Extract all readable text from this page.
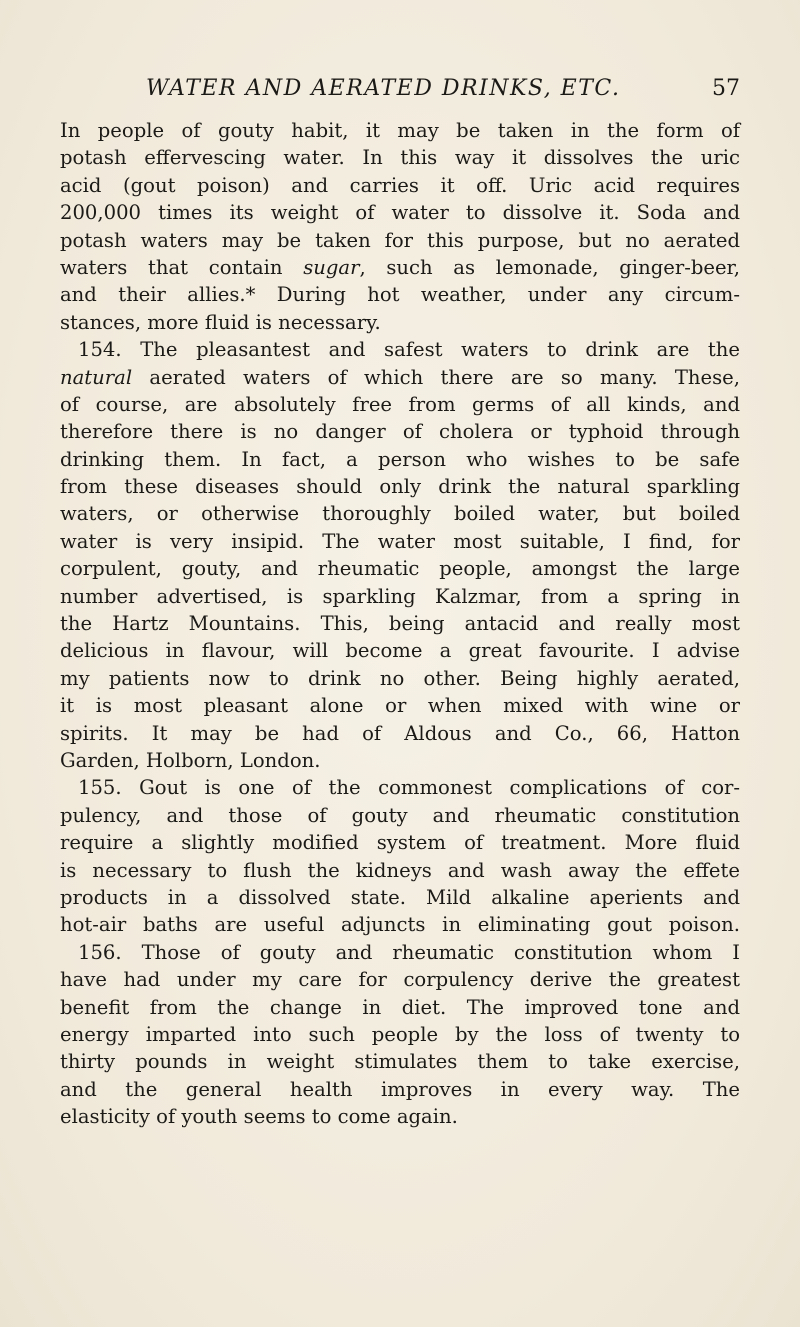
WATER AND AERATED DRINKS, ETC.	57
In people of gouty habit, it may be taken in the form of
potash effervescing water. In this way it dissolves the uric
acid (gout poison) and carries it off. Uric acid requires
200,000 times its weight of water to dissolve it. Soda and
potash waters may be taken for this purpose, but no aerated
waters that contain sugar, such as lemonade, ginger-beer,
and their allies.* During hot weather, under any circum-
stances, more fluid is necessary.
154. The pleasantest and safest waters to drink are the
natural aerated waters of which there are so many. These,
of course, are absolutely free from germs of all kinds, and
therefore there is no danger of cholera or typhoid through
drinking them. In fact, a person who wishes to be safe
from these diseases should only drink the natural sparkling
waters, or otherwise thoroughly boiled water, but boiled
water is very insipid. The water most suitable, I find, for
corpulent, gouty, and rheumatic people, amongst the large
number advertised, is sparkling Kalzmar, from a spring in
the Hartz Mountains. This, being antacid and really most
delicious in flavour, will become a great favourite. I advise
my patients now to drink no other. Being highly aerated,
it is most pleasant alone or when mixed with wine or
spirits. It may be had of Aldous and Co., 66, Hatton
Garden, Holborn, London.
155. Gout is one of the commonest complications of cor-
pulency, and those of gouty and rheumatic constitution
require a slightly modified system of treatment. More fluid
is necessary to flush the kidneys and wash away the effete
products in a dissolved state. Mild alkaline aperients and
hot-air baths are useful adjuncts in eliminating gout poison.
156. Those of gouty and rheumatic constitution whom I
have had under my care for corpulency derive the greatest
benefit from the change in diet. The improved tone and
energy imparted into such people by the loss of twenty to
thirty pounds in weight stimulates them to take exercise,
and the general health improves in every way. The
elasticity of youth seems to come again.
